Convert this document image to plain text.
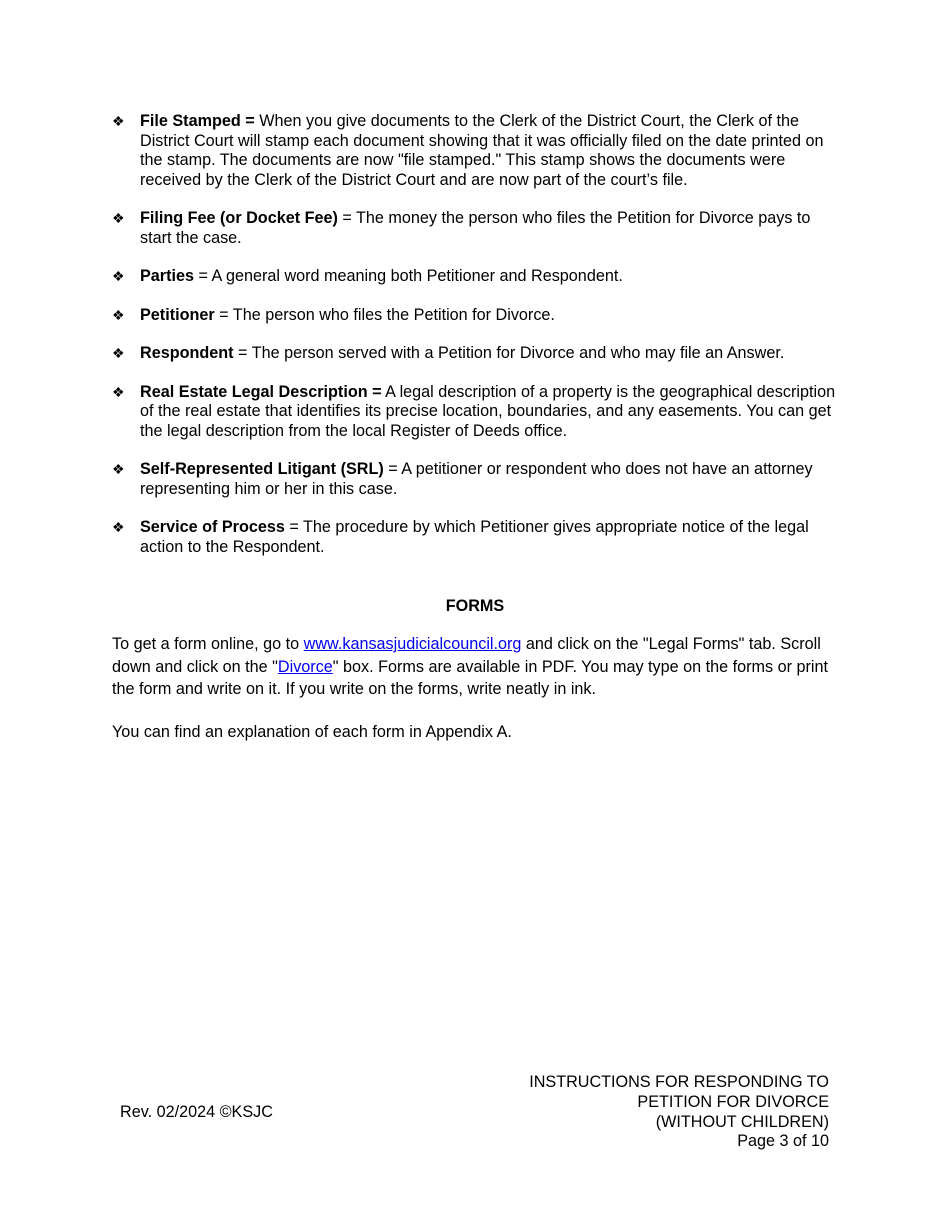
❖ File Stamped = When you give documents to the Clerk of the District Court, the Clerk of the District Court will stamp each document showing that it was officially filed on the date printed on the stamp. The documents are now "file stamped." This stamp shows the documents were received by the Clerk of the District Court and are now part of the court’s file.
❖ Filing Fee (or Docket Fee) = The money the person who files the Petition for Divorce pays to start the case.
❖ Parties = A general word meaning both Petitioner and Respondent.
❖ Petitioner = The person who files the Petition for Divorce.
❖ Respondent = The person served with a Petition for Divorce and who may file an Answer.
❖ Real Estate Legal Description = A legal description of a property is the geographical description of the real estate that identifies its precise location, boundaries, and any easements. You can get the legal description from the local Register of Deeds office.
❖ Self-Represented Litigant (SRL) = A petitioner or respondent who does not have an attorney representing him or her in this case.
❖ Service of Process = The procedure by which Petitioner gives appropriate notice of the legal action to the Respondent.
FORMS

To get a form online, go to www.kansasjudicialcouncil.org and click on the "Legal Forms" tab. Scroll down and click on the "Divorce" box. Forms are available in PDF. You may type on the forms or print the form and write on it. If you write on the forms, write neatly in ink.

You can find an explanation of each form in Appendix A.

Rev. 02/2024 ©KSJC
INSTRUCTIONS FOR RESPONDING TO
PETITION FOR DIVORCE
(WITHOUT CHILDREN)
Page 3 of 10
